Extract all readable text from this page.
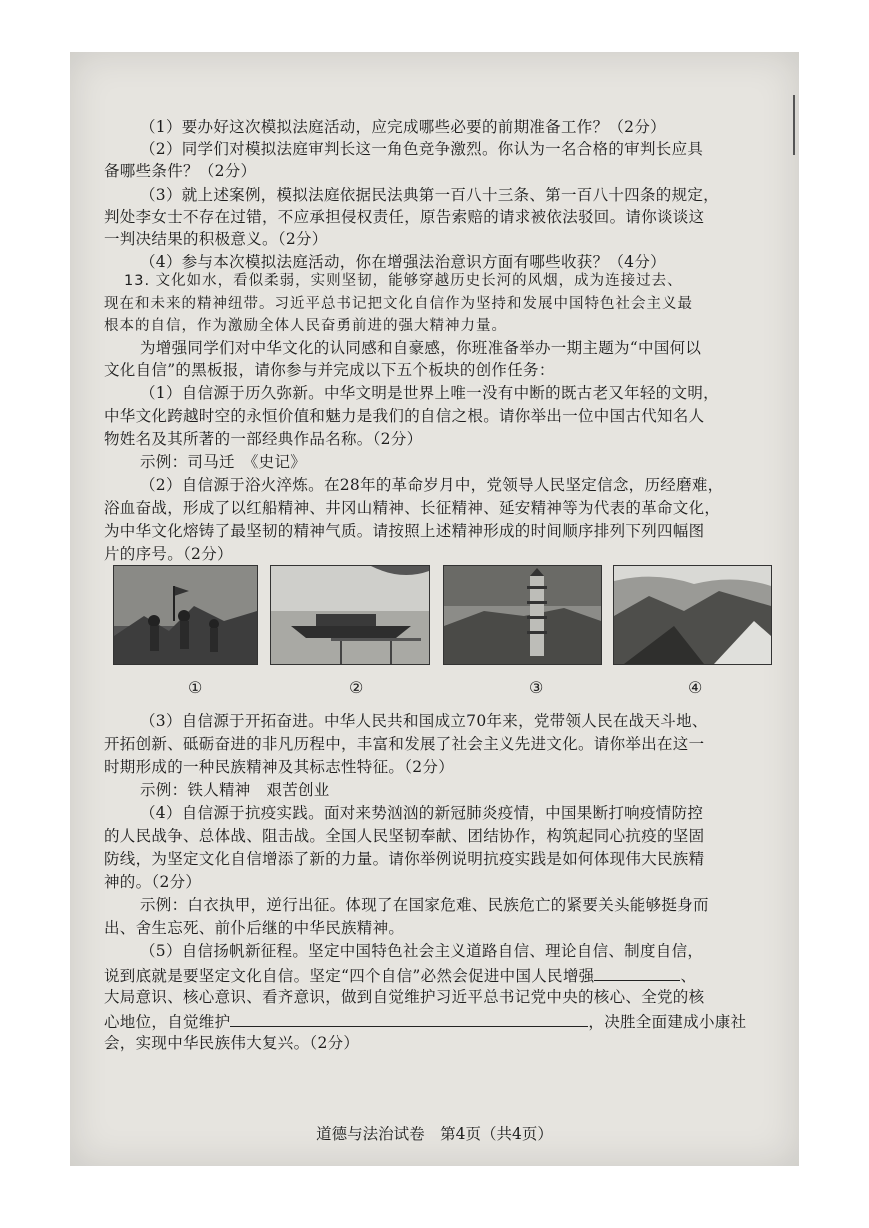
（1）要办好这次模拟法庭活动，应完成哪些必要的前期准备工作？（2分）
（2）同学们对模拟法庭审判长这一角色竞争激烈。你认为一名合格的审判长应具
备哪些条件？（2分）
（3）就上述案例，模拟法庭依据民法典第一百八十三条、第一百八十四条的规定，
判处李女士不存在过错，不应承担侵权责任，原告索赔的请求被依法驳回。请你谈谈这
一判决结果的积极意义。（2分）
（4）参与本次模拟法庭活动，你在增强法治意识方面有哪些收获？（4分）
13. 文化如水，看似柔弱，实则坚韧，能够穿越历史长河的风烟，成为连接过去、
现在和未来的精神纽带。习近平总书记把文化自信作为坚持和发展中国特色社会主义最
根本的自信，作为激励全体人民奋勇前进的强大精神力量。
为增强同学们对中华文化的认同感和自豪感，你班准备举办一期主题为“中国何以
文化自信”的黑板报，请你参与并完成以下五个板块的创作任务：
（1）自信源于历久弥新。中华文明是世界上唯一没有中断的既古老又年轻的文明，
中华文化跨越时空的永恒价值和魅力是我们的自信之根。请你举出一位中国古代知名人
物姓名及其所著的一部经典作品名称。（2分）
示例：司马迁　《史记》
（2）自信源于浴火淬炼。在28年的革命岁月中，党领导人民坚定信念，历经磨难，
浴血奋战，形成了以红船精神、井冈山精神、长征精神、延安精神等为代表的革命文化，
为中华文化熔铸了最坚韧的精神气质。请按照上述精神形成的时间顺序排列下列四幅图
片的序号。（2分）
①	②	③	④
（3）自信源于开拓奋进。中华人民共和国成立70年来，党带领人民在战天斗地、
开拓创新、砥砺奋进的非凡历程中，丰富和发展了社会主义先进文化。请你举出在这一
时期形成的一种民族精神及其标志性特征。（2分）
示例：铁人精神　艰苦创业
（4）自信源于抗疫实践。面对来势汹汹的新冠肺炎疫情，中国果断打响疫情防控
的人民战争、总体战、阻击战。全国人民坚韧奉献、团结协作，构筑起同心抗疫的坚固
防线，为坚定文化自信增添了新的力量。请你举例说明抗疫实践是如何体现伟大民族精
神的。（2分）
示例：白衣执甲，逆行出征。体现了在国家危难、民族危亡的紧要关头能够挺身而
出、舍生忘死、前仆后继的中华民族精神。
（5）自信扬帆新征程。坚定中国特色社会主义道路自信、理论自信、制度自信，
说到底就是要坚定文化自信。坚定“四个自信”必然会促进中国人民增强	、
大局意识、核心意识、看齐意识，做到自觉维护习近平总书记党中央的核心、全党的核
心地位，自觉维护	，决胜全面建成小康社
会，实现中华民族伟大复兴。（2分）
道德与法治试卷　第4页（共4页）
